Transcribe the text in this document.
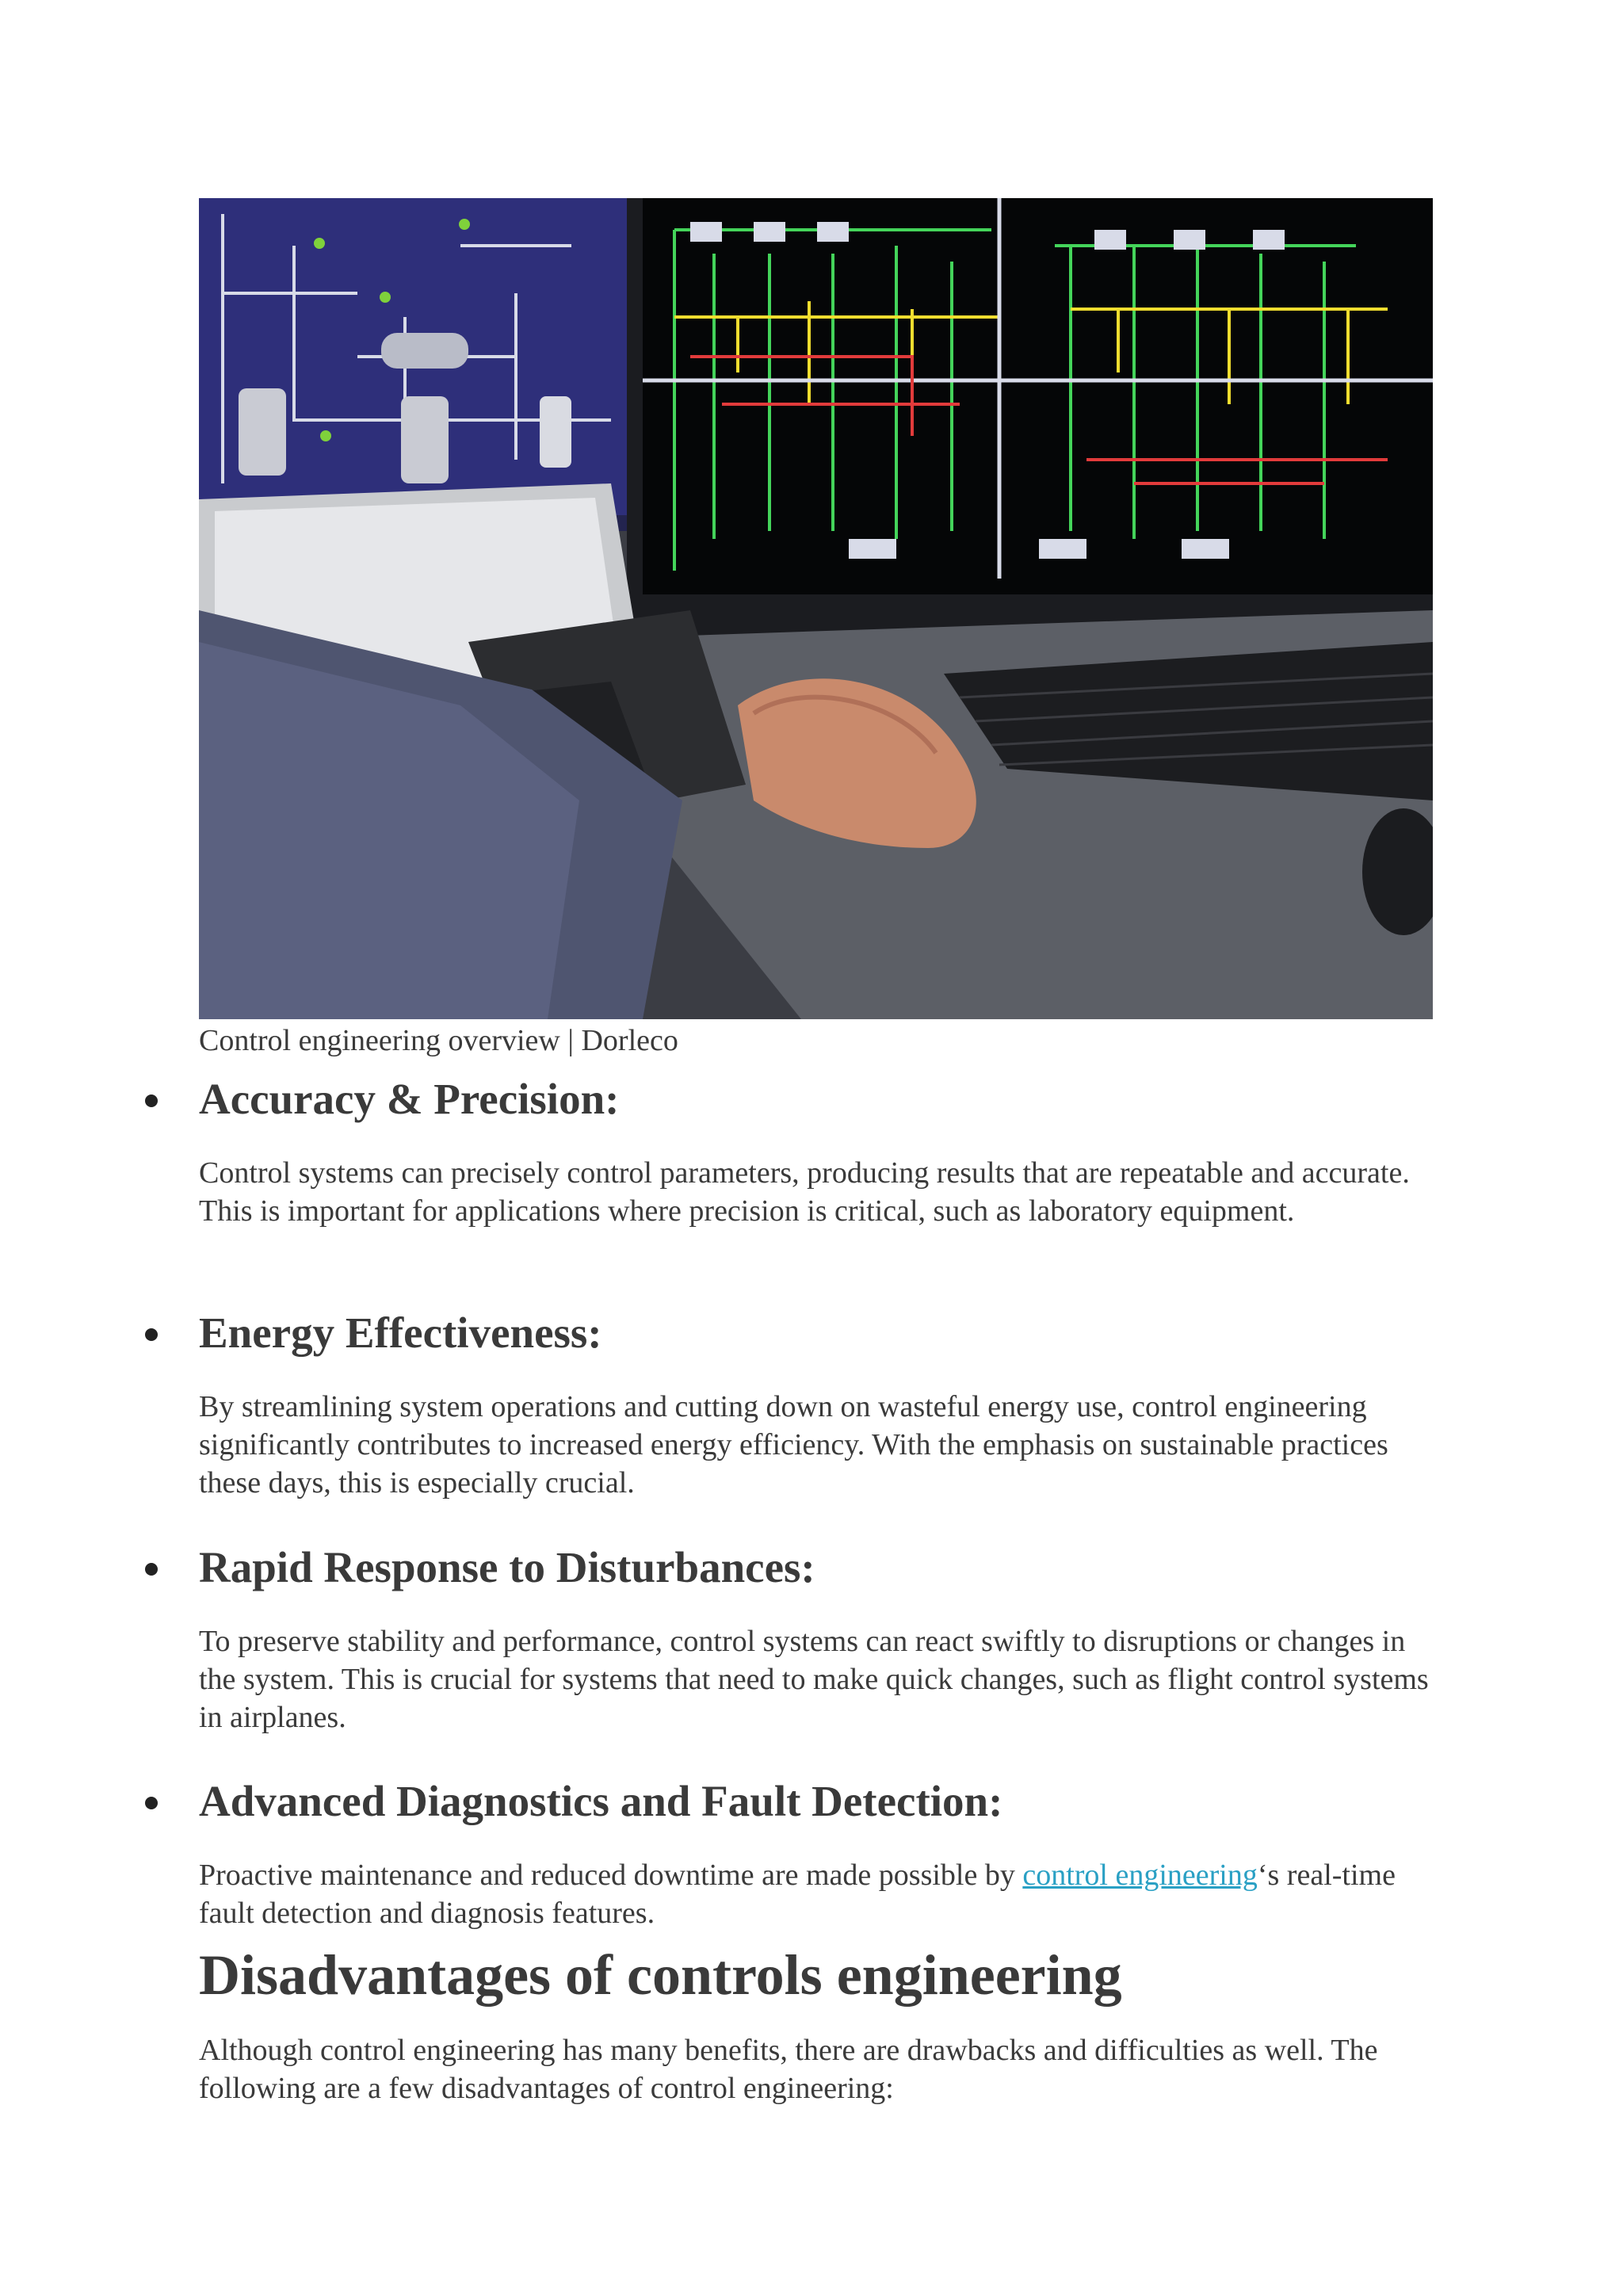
Control engineering overview | Dorleco
Accuracy & Precision:

Control systems can precisely control parameters, producing results that are repeatable and accurate. This is important for applications where precision is critical, such as laboratory equipment.

Energy Effectiveness:

By streamlining system operations and cutting down on wasteful energy use, control engineering significantly contributes to increased energy efficiency. With the emphasis on sustainable practices these days, this is especially crucial.

Rapid Response to Disturbances:

To preserve stability and performance, control systems can react swiftly to disruptions or changes in the system. This is crucial for systems that need to make quick changes, such as flight control systems in airplanes.

Advanced Diagnostics and Fault Detection:

Proactive maintenance and reduced downtime are made possible by control engineering‘s real-time fault detection and diagnosis features.

Disadvantages of controls engineering

Although control engineering has many benefits, there are drawbacks and difficulties as well. The following are a few disadvantages of control engineering:
